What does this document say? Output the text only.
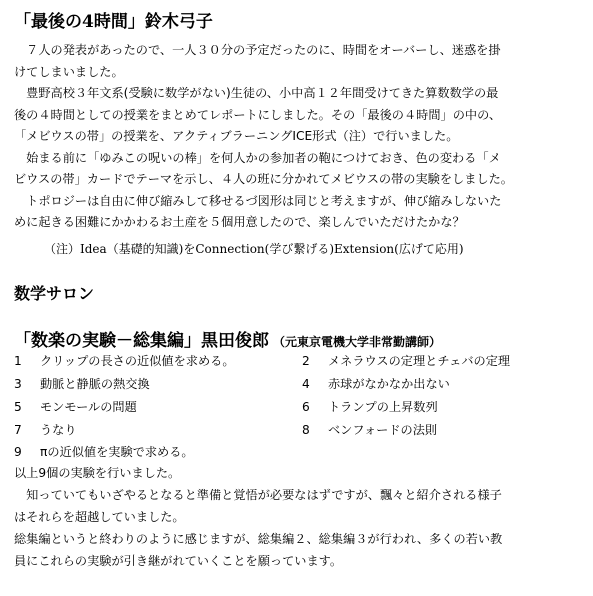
「最後の4時間」鈴木弓子
　７人の発表があったので、一人３０分の予定だったのに、時間をオーバーし、迷惑を掛
けてしまいました。
　豊野高校３年文系(受験に数学がない)生徒の、小中高１２年間受けてきた算数数学の最
後の４時間としての授業をまとめてレポートにしました。その「最後の４時間」の中の、
「メビウスの帯」の授業を、アクティブラーニングICE形式（注）で行いました。
　始まる前に「ゆみこの呪いの棒」を何人かの参加者の鞄につけておき、色の変わる「メ
ビウスの帯」カードでテーマを示し、４人の班に分かれてメビウスの帯の実験をしました。
　トポロジーは自由に伸び縮みして移せるづ図形は同じと考えますが、伸び縮みしないた
めに起きる困難にかかわるお土産を５個用意したので、楽しんでいただけたかな？
（注）Idea（基礎的知識)をConnection(学び繋げる)Extension(広げて応用)
数学サロン
「数楽の実験－総集編」黒田俊郎 （元東京電機大学非常勤講師）
1 クリップの長さの近似値を求める。	2 メネラウスの定理とチェバの定理
3 動脈と静脈の熱交換	4 赤球がなかなか出ない
5 モンモールの問題	6 トランプの上昇数列
7 うなり	8 ベンフォードの法則
9 πの近似値を実験で求める。
以上9個の実験を行いました。
　知っていてもいざやるとなると準備と覚悟が必要なはずですが、飄々と紹介される様子
はそれらを超越していました。
総集編というと終わりのように感じますが、総集編２、総集編３が行われ、多くの若い教
員にこれらの実験が引き継がれていくことを願っています。
